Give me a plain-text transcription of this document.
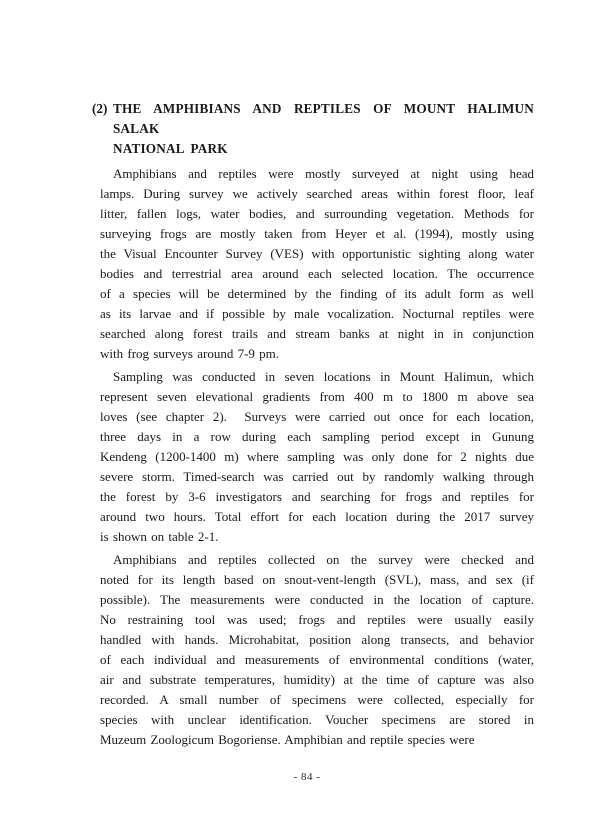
(2) THE AMPHIBIANS AND REPTILES OF MOUNT HALIMUN SALAK
NATIONAL PARK
Amphibians and reptiles were mostly surveyed at night using head
lamps. During survey we actively searched areas within forest floor, leaf
litter, fallen logs, water bodies, and surrounding vegetation. Methods for
surveying frogs are mostly taken from Heyer et al. (1994), mostly using
the Visual Encounter Survey (VES) with opportunistic sighting along water
bodies and terrestrial area around each selected location. The occurrence
of a species will be determined by the finding of its adult form as well
as its larvae and if possible by male vocalization. Nocturnal reptiles were
searched along forest trails and stream banks at night in in conjunction
with frog surveys around 7-9 pm.
Sampling was conducted in seven locations in Mount Halimun, which
represent seven elevational gradients from 400 m to 1800 m above sea
loves (see chapter 2).  Surveys were carried out once for each location,
three days in a row during each sampling period except in Gunung
Kendeng (1200-1400 m) where sampling was only done for 2 nights due
severe storm. Timed-search was carried out by randomly walking through
the forest by 3-6 investigators and searching for frogs and reptiles for
around two hours. Total effort for each location during the 2017 survey
is shown on table 2-1.
Amphibians and reptiles collected on the survey were checked and
noted for its length based on snout-vent-length (SVL), mass, and sex (if
possible). The measurements were conducted in the location of capture.
No restraining tool was used; frogs and reptiles were usually easily
handled with hands. Microhabitat, position along transects, and behavior
of each individual and measurements of environmental conditions (water,
air and substrate temperatures, humidity) at the time of capture was also
recorded. A small number of specimens were collected, especially for
species with unclear identification. Voucher specimens are stored in
Muzeum Zoologicum Bogoriense. Amphibian and reptile species were
- 84 -
